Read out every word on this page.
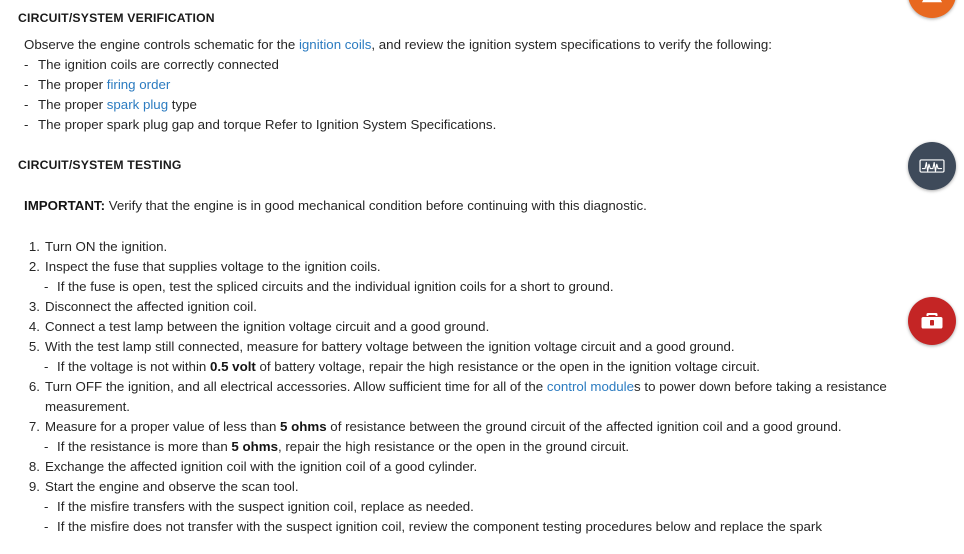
CIRCUIT/SYSTEM VERIFICATION
Observe the engine controls schematic for the ignition coils, and review the ignition system specifications to verify the following:
- The ignition coils are correctly connected
- The proper firing order
- The proper spark plug type
- The proper spark plug gap and torque Refer to Ignition System Specifications.
CIRCUIT/SYSTEM TESTING
IMPORTANT: Verify that the engine is in good mechanical condition before continuing with this diagnostic.
1. Turn ON the ignition.
2. Inspect the fuse that supplies voltage to the ignition coils.
- If the fuse is open, test the spliced circuits and the individual ignition coils for a short to ground.
3. Disconnect the affected ignition coil.
4. Connect a test lamp between the ignition voltage circuit and a good ground.
5. With the test lamp still connected, measure for battery voltage between the ignition voltage circuit and a good ground.
- If the voltage is not within 0.5 volt of battery voltage, repair the high resistance or the open in the ignition voltage circuit.
6. Turn OFF the ignition, and all electrical accessories. Allow sufficient time for all of the control modules to power down before taking a resistance measurement.
7. Measure for a proper value of less than 5 ohms of resistance between the ground circuit of the affected ignition coil and a good ground.
- If the resistance is more than 5 ohms, repair the high resistance or the open in the ground circuit.
8. Exchange the affected ignition coil with the ignition coil of a good cylinder.
9. Start the engine and observe the scan tool.
- If the misfire transfers with the suspect ignition coil, replace as needed.
- If the misfire does not transfer with the suspect ignition coil, review the component testing procedures below and replace the spark
